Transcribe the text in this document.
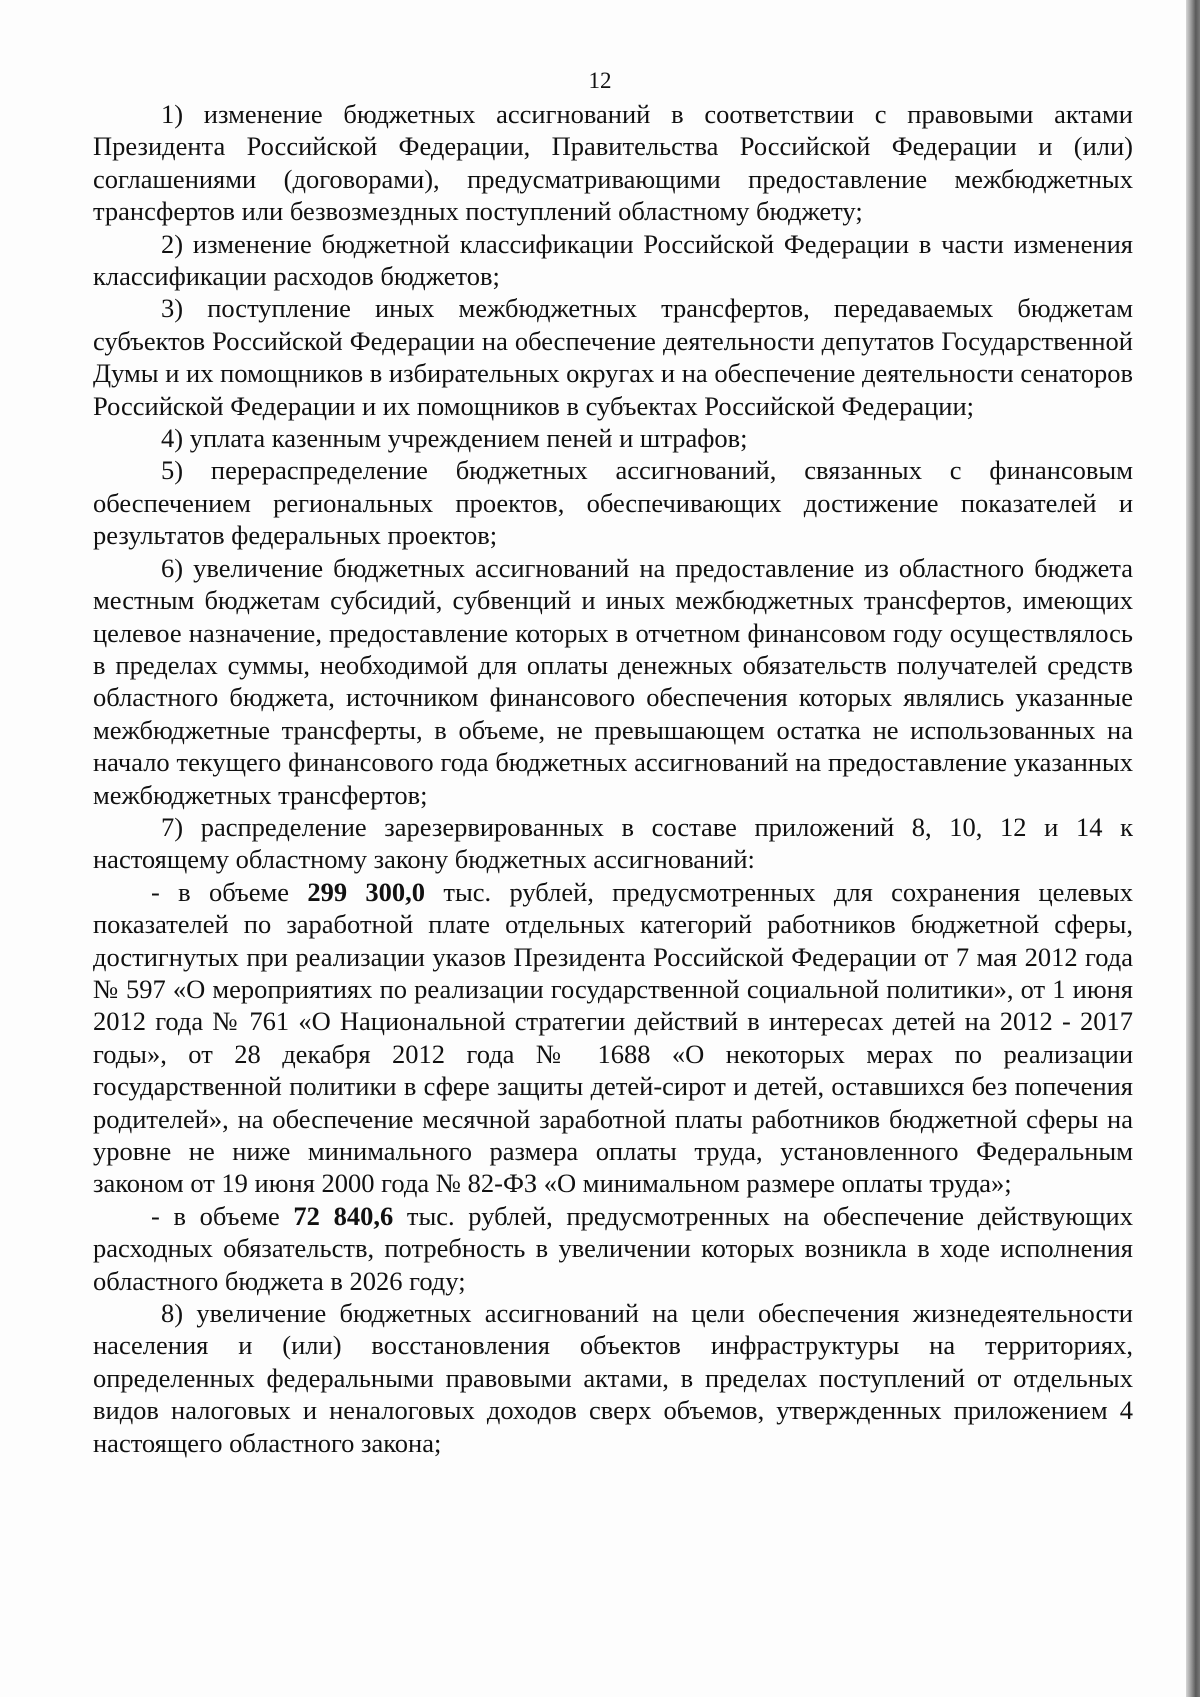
12

1) изменение бюджетных ассигнований в соответствии с правовыми актами Президента Российской Федерации, Правительства Российской Федерации и (или) соглашениями (договорами), предусматривающими предоставление межбюджетных трансфертов или безвозмездных поступлений областному бюджету;

2) изменение бюджетной классификации Российской Федерации в части изменения классификации расходов бюджетов;

3) поступление иных межбюджетных трансфертов, передаваемых бюджетам субъектов Российской Федерации на обеспечение деятельности депутатов Государственной Думы и их помощников в избирательных округах и на обеспечение деятельности сенаторов Российской Федерации и их помощников в субъектах Российской Федерации;

4) уплата казенным учреждением пеней и штрафов;

5) перераспределение бюджетных ассигнований, связанных с финансовым обеспечением региональных проектов, обеспечивающих достижение показателей и результатов федеральных проектов;

6) увеличение бюджетных ассигнований на предоставление из областного бюджета местным бюджетам субсидий, субвенций и иных межбюджетных трансфертов, имеющих целевое назначение, предоставление которых в отчетном финансовом году осуществлялось в пределах суммы, необходимой для оплаты денежных обязательств получателей средств областного бюджета, источником финансового обеспечения которых являлись указанные межбюджетные трансферты, в объеме, не превышающем остатка не использованных на начало текущего финансового года бюджетных ассигнований на предоставление указанных межбюджетных трансфертов;

7) распределение зарезервированных в составе приложений 8, 10, 12 и 14 к настоящему областному закону бюджетных ассигнований:

- в объеме 299 300,0 тыс. рублей, предусмотренных для сохранения целевых показателей по заработной плате отдельных категорий работников бюджетной сферы, достигнутых при реализации указов Президента Российской Федерации от 7 мая 2012 года № 597 «О мероприятиях по реализации государственной социальной политики», от 1 июня 2012 года № 761 «О Национальной стратегии действий в интересах детей на 2012 - 2017 годы», от 28 декабря 2012 года № 1688 «О некоторых мерах по реализации государственной политики в сфере защиты детей-сирот и детей, оставшихся без попечения родителей», на обеспечение месячной заработной платы работников бюджетной сферы на уровне не ниже минимального размера оплаты труда, установленного Федеральным законом от 19 июня 2000 года № 82-ФЗ «О минимальном размере оплаты труда»;

- в объеме 72 840,6 тыс. рублей, предусмотренных на обеспечение действующих расходных обязательств, потребность в увеличении которых возникла в ходе исполнения областного бюджета в 2026 году;

8) увеличение бюджетных ассигнований на цели обеспечения жизнедеятельности населения и (или) восстановления объектов инфраструктуры на территориях, определенных федеральными правовыми актами, в пределах поступлений от отдельных видов налоговых и неналоговых доходов сверх объемов, утвержденных приложением 4 настоящего областного закона;
